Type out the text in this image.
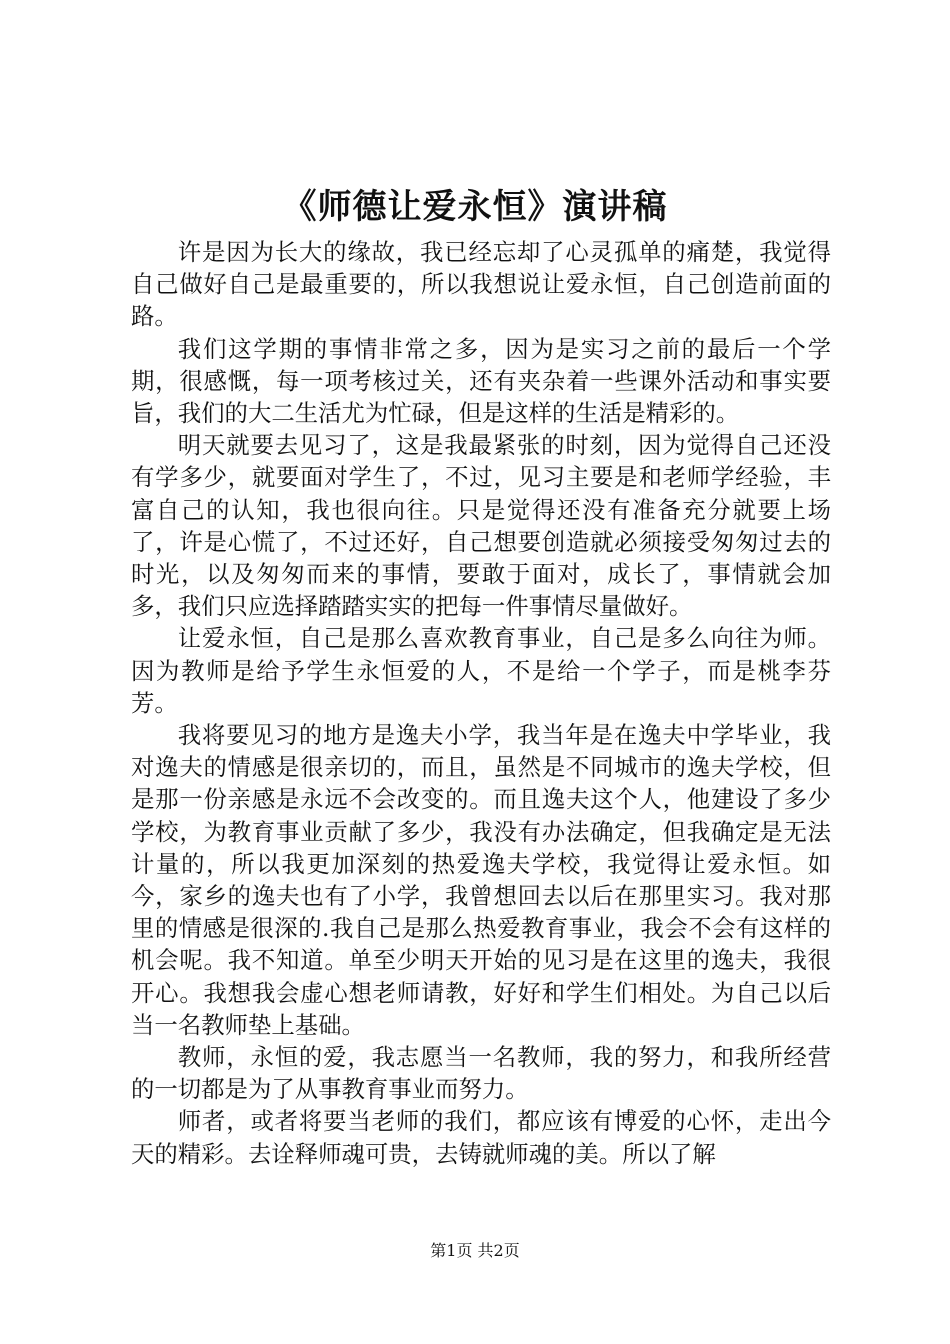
《师德让爱永恒》演讲稿

许是因为长大的缘故，我已经忘却了心灵孤单的痛楚，我觉得自己做好自己是最重要的，所以我想说让爱永恒，自己创造前面的路。

我们这学期的事情非常之多，因为是实习之前的最后一个学期，很感慨，每一项考核过关，还有夹杂着一些课外活动和事实要旨，我们的大二生活尤为忙碌，但是这样的生活是精彩的。

明天就要去见习了，这是我最紧张的时刻，因为觉得自己还没有学多少，就要面对学生了，不过，见习主要是和老师学经验，丰富自己的认知，我也很向往。只是觉得还没有准备充分就要上场了，许是心慌了，不过还好，自己想要创造就必须接受匆匆过去的时光，以及匆匆而来的事情，要敢于面对，成长了，事情就会加多，我们只应选择踏踏实实的把每一件事情尽量做好。

让爱永恒，自己是那么喜欢教育事业，自己是多么向往为师。因为教师是给予学生永恒爱的人，不是给一个学子，而是桃李芬芳。

我将要见习的地方是逸夫小学，我当年是在逸夫中学毕业，我对逸夫的情感是很亲切的，而且，虽然是不同城市的逸夫学校，但是那一份亲感是永远不会改变的。而且逸夫这个人，他建设了多少学校，为教育事业贡献了多少，我没有办法确定，但我确定是无法计量的，所以我更加深刻的热爱逸夫学校，我觉得让爱永恒。如今，家乡的逸夫也有了小学，我曾想回去以后在那里实习。我对那里的情感是很深的.我自己是那么热爱教育事业，我会不会有这样的机会呢。我不知道。单至少明天开始的见习是在这里的逸夫，我很开心。我想我会虚心想老师请教，好好和学生们相处。为自己以后当一名教师垫上基础。

教师，永恒的爱，我志愿当一名教师，我的努力，和我所经营的一切都是为了从事教育事业而努力。

师者，或者将要当老师的我们，都应该有博爱的心怀，走出今天的精彩。去诠释师魂可贵，去铸就师魂的美。所以了解

第1页 共2页
